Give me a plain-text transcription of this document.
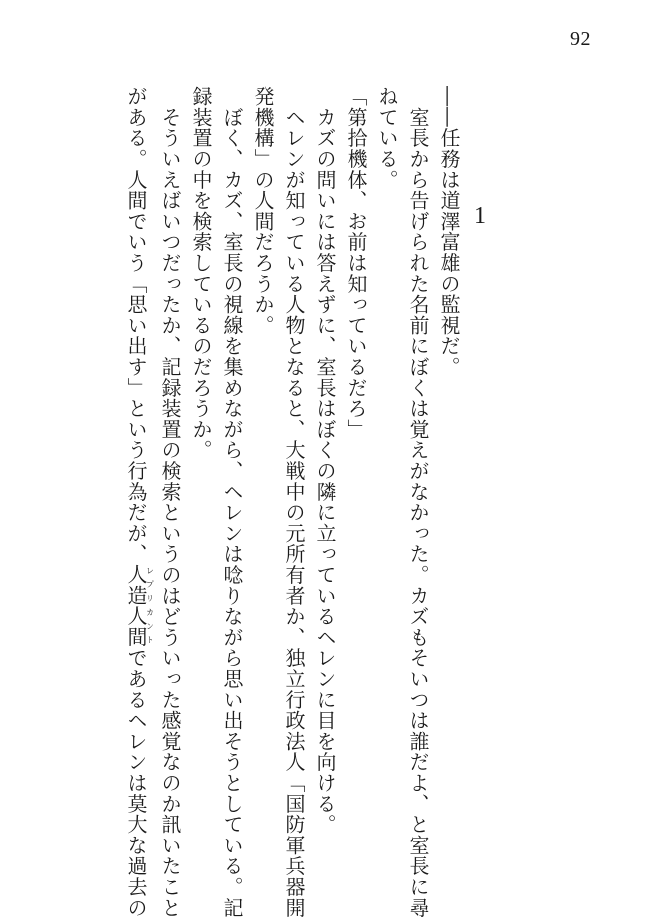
92
1
――任務は道澤富雄の監視だ。
　室長から告げられた名前にぼくは覚えがなかった。カズもそいつは誰だよ、と室長に尋
ねている。
「第拾機体、お前は知っているだろ」
　カズの問いには答えずに、室長はぼくの隣に立っているヘレンに目を向ける。
　ヘレンが知っている人物となると、大戦中の元所有者か、独立行政法人「国防軍兵器開
発機構」の人間だろうか。
　ぼく、カズ、室長の視線を集めながら、ヘレンは唸りながら思い出そうとしている。記
録装置の中を検索しているのだろうか。
　そういえばいつだったか、記録装置の検索というのはどういった感覚なのか訊いたこと
がある。人間でいう「思い出す」という行為だが、人造人間レプリカントであるヘレンは莫大な過去の
